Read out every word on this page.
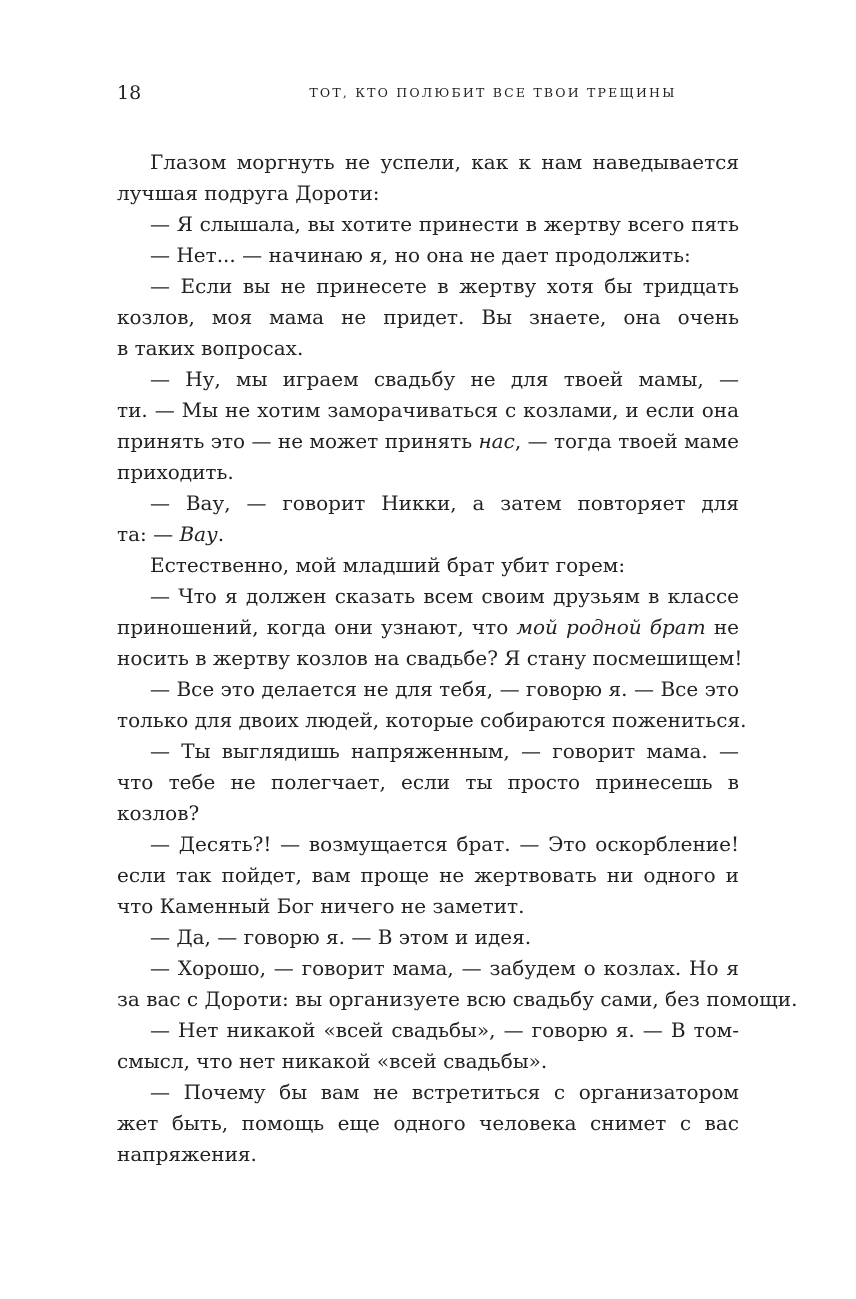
18	ТОТ, КТО ПОЛЮБИТ ВСЕ ТВОИ ТРЕЩИНЫ
Глазом моргнуть не успели, как к нам наведывается
лучшая подруга Дороти:
— Я слышала, вы хотите принести в жертву всего пять
— Нет... — начинаю я, но она не дает продолжить:
— Если вы не принесете в жертву хотя бы тридцать
козлов, моя мама не придет. Вы знаете, она очень
в таких вопросах.
— Ну, мы играем свадьбу не для твоей мамы, —
ти. — Мы не хотим заморачиваться с козлами, и если она
принять это — не может принять нас, — тогда твоей маме
приходить.
— Вау, — говорит Никки, а затем повторяет для
та: — Вау.
Естественно, мой младший брат убит горем:
— Что я должен сказать всем своим друзьям в классе
приношений, когда они узнают, что мой родной брат не
носить в жертву козлов на свадьбе? Я стану посмешищем!
— Все это делается не для тебя, — говорю я. — Все это
только для двоих людей, которые собираются пожениться.
— Ты выглядишь напряженным, — говорит мама. —
что тебе не полегчает, если ты просто принесешь в
козлов?
— Десять?! — возмущается брат. — Это оскорбление!
если так пойдет, вам проще не жертвовать ни одного и
что Каменный Бог ничего не заметит.
— Да, — говорю я. — В этом и идея.
— Хорошо, — говорит мама, — забудем о козлах. Но я
за вас с Дороти: вы организуете всю свадьбу сами, без помощи.
— Нет никакой «всей свадьбы», — говорю я. — В том-
смысл, что нет никакой «всей свадьбы».
— Почему бы вам не встретиться с организатором
жет быть, помощь еще одного человека снимет с вас
напряжения.
